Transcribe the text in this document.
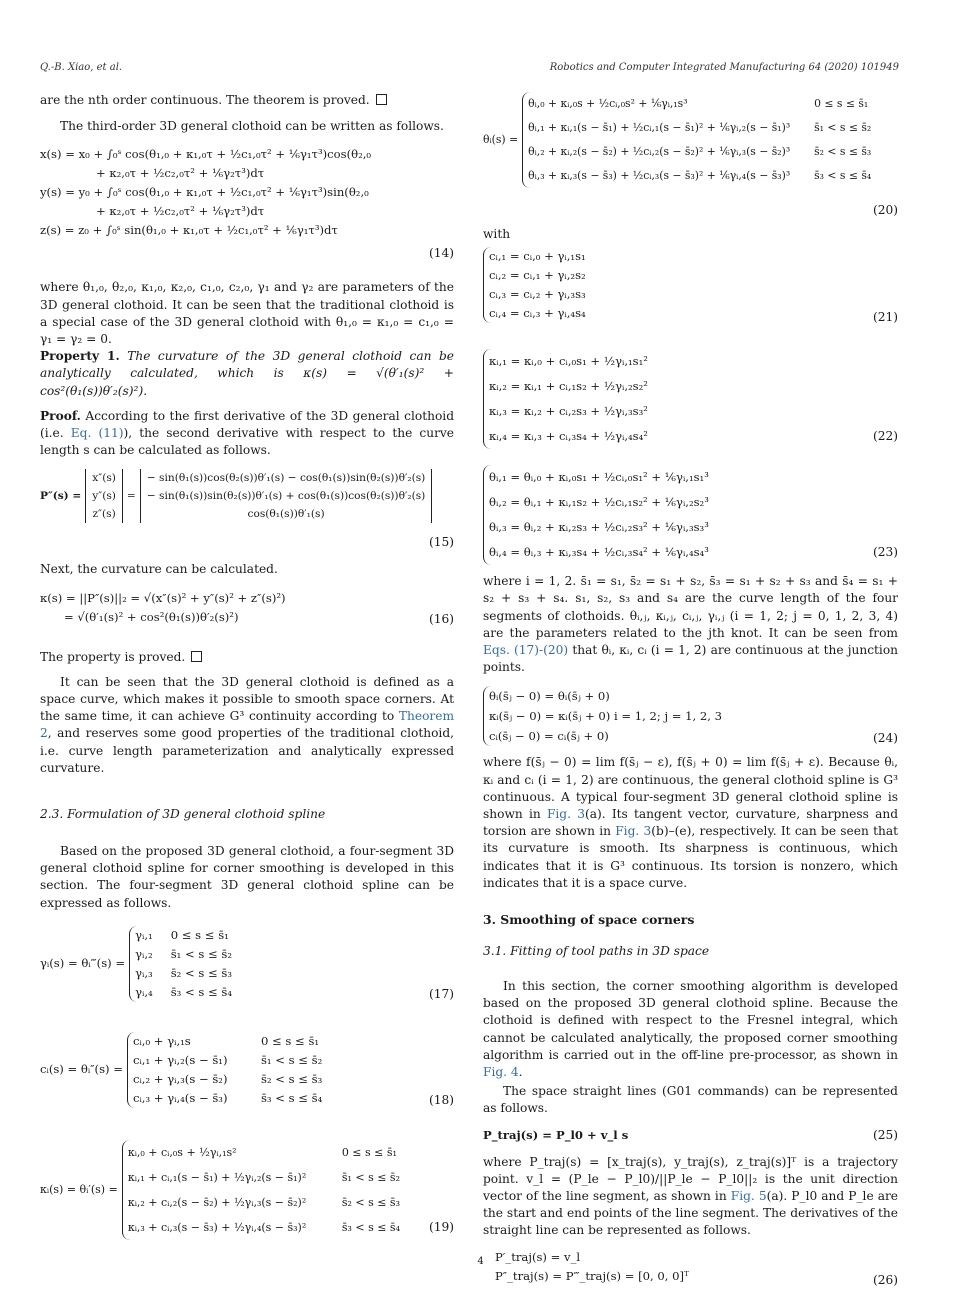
Q.-B. Xiao, et al.	Robotics and Computer Integrated Manufacturing 64 (2020) 101949

are the nth order continuous. The theorem is proved.

The third-order 3D general clothoid can be written as follows.

x(s) = x₀ + ∫₀ˢ cos(θ₁,₀ + κ₁,₀τ + ½c₁,₀τ² + ⅙γ₁τ³)cos(θ₂,₀
+ κ₂,₀τ + ½c₂,₀τ² + ⅙γ₂τ³)dτ
y(s) = y₀ + ∫₀ˢ cos(θ₁,₀ + κ₁,₀τ + ½c₁,₀τ² + ⅙γ₁τ³)sin(θ₂,₀
+ κ₂,₀τ + ½c₂,₀τ² + ⅙γ₂τ³)dτ
z(s) = z₀ + ∫₀ˢ sin(θ₁,₀ + κ₁,₀τ + ½c₁,₀τ² + ⅙γ₁τ³)dτ
(14)

where θ₁,₀, θ₂,₀, κ₁,₀, κ₂,₀, c₁,₀, c₂,₀, γ₁ and γ₂ are parameters of the 3D general clothoid. It can be seen that the traditional clothoid is a special case of the 3D general clothoid with θ₁,₀ = κ₁,₀ = c₁,₀ = γ₁ = γ₂ = 0.

Property 1. The curvature of the 3D general clothoid can be analytically calculated, which is κ(s) = √(θ′₁(s)² + cos²(θ₁(s))θ′₂(s)²).

Proof. According to the first derivative of the 3D general clothoid (i.e. Eq. (11)), the second derivative with respect to the curve length s can be calculated as follows.

P″(s) =
x″(s)
y″(s)
z″(s)
=
− sin(θ₁(s))cos(θ₂(s))θ′₁(s) − cos(θ₁(s))sin(θ₂(s))θ′₂(s)
− sin(θ₁(s))sin(θ₂(s))θ′₁(s) + cos(θ₁(s))cos(θ₂(s))θ′₂(s)
cos(θ₁(s))θ′₁(s)
(15)

Next, the curvature can be calculated.

κ(s) = ||P″(s)||₂ = √(x″(s)² + y″(s)² + z″(s)²)
= √(θ′₁(s)² + cos²(θ₁(s))θ′₂(s)²)	(16)

The property is proved.

It can be seen that the 3D general clothoid is defined as a space curve, which makes it possible to smooth space corners. At the same time, it can achieve G³ continuity according to Theorem 2, and reserves some good properties of the traditional clothoid, i.e. curve length parameterization and analytically expressed curvature.

2.3. Formulation of 3D general clothoid spline

Based on the proposed 3D general clothoid, a four-segment 3D general clothoid spline for corner smoothing is developed in this section. The four-segment 3D general clothoid spline can be expressed as follows.

γᵢ(s) = θᵢ‴(s) =
γᵢ,₁ 0 ≤ s ≤ s̄₁
γᵢ,₂ s̄₁ < s ≤ s̄₂
γᵢ,₃ s̄₂ < s ≤ s̄₃
γᵢ,₄ s̄₃ < s ≤ s̄₄	(17)
cᵢ(s) = θᵢ″(s) =
cᵢ,₀ + γᵢ,₁s	0 ≤ s ≤ s̄₁
cᵢ,₁ + γᵢ,₂(s − s̄₁)	s̄₁ < s ≤ s̄₂
cᵢ,₂ + γᵢ,₃(s − s̄₂)	s̄₂ < s ≤ s̄₃
cᵢ,₃ + γᵢ,₄(s − s̄₃)	s̄₃ < s ≤ s̄₄	(18)
κᵢ(s) = θᵢ′(s) =
κᵢ,₀ + cᵢ,₀s + ½γᵢ,₁s²	0 ≤ s ≤ s̄₁
κᵢ,₁ + cᵢ,₁(s − s̄₁) + ½γᵢ,₂(s − s̄₁)²	s̄₁ < s ≤ s̄₂
κᵢ,₂ + cᵢ,₂(s − s̄₂) + ½γᵢ,₃(s − s̄₂)²	s̄₂ < s ≤ s̄₃
κᵢ,₃ + cᵢ,₃(s − s̄₃) + ½γᵢ,₄(s − s̄₃)²	s̄₃ < s ≤ s̄₄ (19)
θᵢ(s) =
θᵢ,₀ + κᵢ,₀s + ½cᵢ,₀s² + ⅙γᵢ,₁s³	0 ≤ s ≤ s̄₁
θᵢ,₁ + κᵢ,₁(s − s̄₁) + ½cᵢ,₁(s − s̄₁)² + ⅙γᵢ,₂(s − s̄₁)³	s̄₁ < s ≤ s̄₂
θᵢ,₂ + κᵢ,₂(s − s̄₂) + ½cᵢ,₂(s − s̄₂)² + ⅙γᵢ,₃(s − s̄₂)³	s̄₂ < s ≤ s̄₃
θᵢ,₃ + κᵢ,₃(s − s̄₃) + ½cᵢ,₃(s − s̄₃)² + ⅙γᵢ,₄(s − s̄₃)³	s̄₃ < s ≤ s̄₄
(20)

with

cᵢ,₁ = cᵢ,₀ + γᵢ,₁s₁
cᵢ,₂ = cᵢ,₁ + γᵢ,₂s₂
cᵢ,₃ = cᵢ,₂ + γᵢ,₃s₃
cᵢ,₄ = cᵢ,₃ + γᵢ,₄s₄	(21)
κᵢ,₁ = κᵢ,₀ + cᵢ,₀s₁ + ½γᵢ,₁s₁²
κᵢ,₂ = κᵢ,₁ + cᵢ,₁s₂ + ½γᵢ,₂s₂²
κᵢ,₃ = κᵢ,₂ + cᵢ,₂s₃ + ½γᵢ,₃s₃²
κᵢ,₄ = κᵢ,₃ + cᵢ,₃s₄ + ½γᵢ,₄s₄²	(22)
θᵢ,₁ = θᵢ,₀ + κᵢ,₀s₁ + ½cᵢ,₀s₁² + ⅙γᵢ,₁s₁³
θᵢ,₂ = θᵢ,₁ + κᵢ,₁s₂ + ½cᵢ,₁s₂² + ⅙γᵢ,₂s₂³
θᵢ,₃ = θᵢ,₂ + κᵢ,₂s₃ + ½cᵢ,₂s₃² + ⅙γᵢ,₃s₃³
θᵢ,₄ = θᵢ,₃ + κᵢ,₃s₄ + ½cᵢ,₃s₄² + ⅙γᵢ,₄s₄³	(23)

where i = 1, 2. s̄₁ = s₁, s̄₂ = s₁ + s₂, s̄₃ = s₁ + s₂ + s₃ and s̄₄ = s₁ + s₂ + s₃ + s₄. s₁, s₂, s₃ and s₄ are the curve length of the four segments of clothoids. θᵢ,ⱼ, κᵢ,ⱼ, cᵢ,ⱼ, γᵢ,ⱼ (i = 1, 2; j = 0, 1, 2, 3, 4) are the parameters related to the jth knot. It can be seen from Eqs. (17)-(20) that θᵢ, κᵢ, cᵢ (i = 1, 2) are continuous at the junction points.

θᵢ(s̄ⱼ − 0) = θᵢ(s̄ⱼ + 0)
κᵢ(s̄ⱼ − 0) = κᵢ(s̄ⱼ + 0) i = 1, 2; j = 1, 2, 3
cᵢ(s̄ⱼ − 0) = cᵢ(s̄ⱼ + 0)	(24)

where f(s̄ⱼ − 0) = lim f(s̄ⱼ − ε), f(s̄ⱼ + 0) = lim f(s̄ⱼ + ε). Because θᵢ, κᵢ and cᵢ (i = 1, 2) are continuous, the general clothoid spline is G³ continuous. A typical four-segment 3D general clothoid spline is shown in Fig. 3(a). Its tangent vector, curvature, sharpness and torsion are shown in Fig. 3(b)–(e), respectively. It can be seen that its curvature is smooth. Its sharpness is continuous, which indicates that it is G³ continuous. Its torsion is nonzero, which indicates that it is a space curve.

3. Smoothing of space corners
3.1. Fitting of tool paths in 3D space

In this section, the corner smoothing algorithm is developed based on the proposed 3D general clothoid spline. Because the clothoid is defined with respect to the Fresnel integral, which cannot be calculated analytically, the proposed corner smoothing algorithm is carried out in the off-line pre-processor, as shown in Fig. 4.

The space straight lines (G01 commands) can be represented as follows.

P_traj(s) = P_l0 + v_l s	(25)

where P_traj(s) = [x_traj(s), y_traj(s), z_traj(s)]ᵀ is a trajectory point. v_l = (P_le − P_l0)/||P_le − P_l0||₂ is the unit direction vector of the line segment, as shown in Fig. 5(a). P_l0 and P_le are the start and end points of the line segment. The derivatives of the straight line can be represented as follows.

P′_traj(s) = v_l
P″_traj(s) = P‴_traj(s) = [0, 0, 0]ᵀ	(26)
4
